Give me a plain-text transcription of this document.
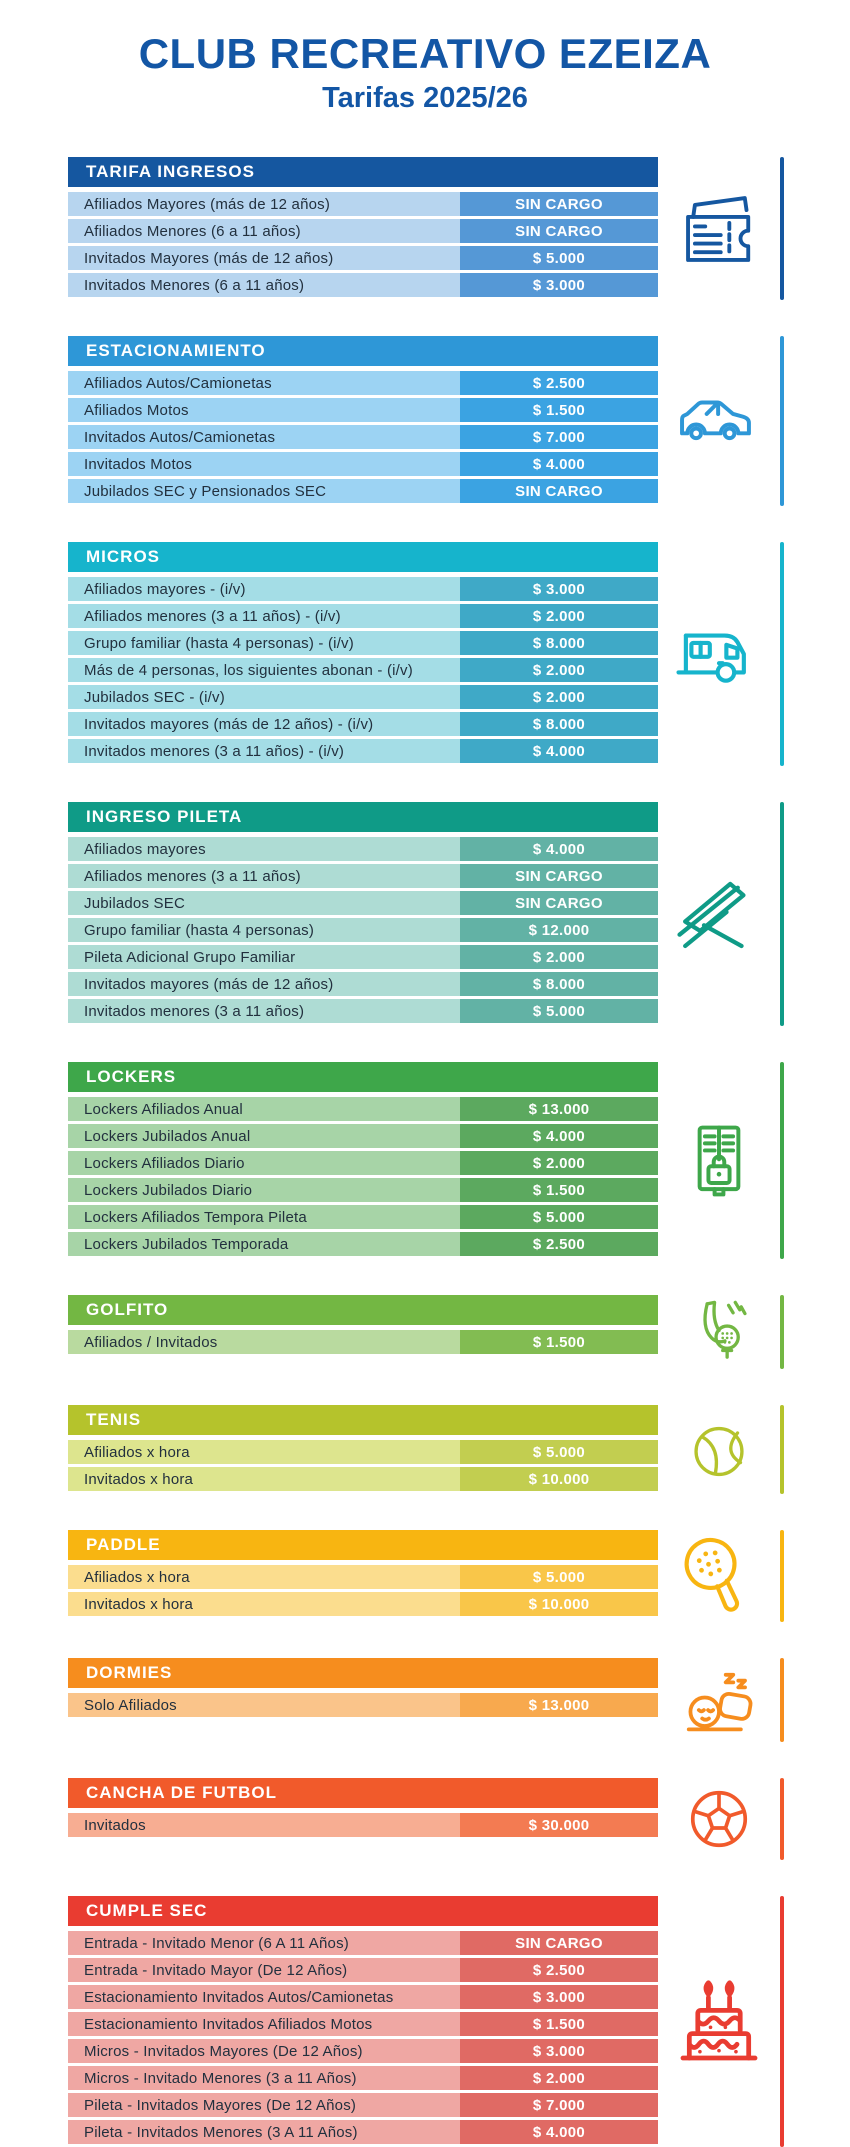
CLUB RECREATIVO EZEIZA
Tarifas 2025/26
TARIFA INGRESOS
Afiliados Mayores (más de 12 años)	SIN CARGO
Afiliados Menores (6 a 11 años)	SIN CARGO
Invitados Mayores (más de 12 años)	$ 5.000
Invitados Menores (6 a 11 años)	$ 3.000
ESTACIONAMIENTO
Afiliados Autos/Camionetas	$ 2.500
Afiliados Motos	$ 1.500
Invitados Autos/Camionetas	$ 7.000
Invitados Motos	$ 4.000
Jubilados SEC y Pensionados SEC	SIN CARGO
MICROS
Afiliados mayores - (i/v)	$ 3.000
Afiliados menores (3 a 11 años) - (i/v)	$ 2.000
Grupo familiar (hasta 4 personas) - (i/v)	$ 8.000
Más de 4 personas, los siguientes abonan - (i/v)	$ 2.000
Jubilados SEC - (i/v)	$ 2.000
Invitados mayores (más de 12 años) - (i/v)	$ 8.000
Invitados menores (3 a 11 años) - (i/v)	$ 4.000
INGRESO PILETA
Afiliados mayores	$ 4.000
Afiliados menores (3 a 11 años)	SIN CARGO
Jubilados SEC	SIN CARGO
Grupo familiar (hasta 4 personas)	$ 12.000
Pileta Adicional Grupo Familiar	$ 2.000
Invitados mayores (más de 12 años)	$ 8.000
Invitados menores (3 a 11 años)	$ 5.000
LOCKERS
Lockers Afiliados Anual	$ 13.000
Lockers Jubilados Anual	$ 4.000
Lockers Afiliados Diario	$ 2.000
Lockers Jubilados Diario	$ 1.500
Lockers Afiliados Tempora Pileta	$ 5.000
Lockers Jubilados Temporada	$ 2.500
GOLFITO
Afiliados / Invitados	$ 1.500
TENIS
Afiliados x hora	$ 5.000
Invitados x hora	$ 10.000
PADDLE
Afiliados x hora	$ 5.000
Invitados x hora	$ 10.000
DORMIES
Solo Afiliados	$ 13.000
CANCHA DE FUTBOL
Invitados	$ 30.000
CUMPLE SEC
Entrada - Invitado Menor (6 A 11 Años)	SIN CARGO
Entrada - Invitado Mayor (De 12 Años)	$ 2.500
Estacionamiento Invitados Autos/Camionetas	$ 3.000
Estacionamiento Invitados Afiliados Motos	$ 1.500
Micros - Invitados Mayores (De 12 Años)	$ 3.000
Micros - Invitado Menores (3 a 11 Años)	$ 2.000
Pileta - Invitados Mayores (De 12 Años)	$ 7.000
Pileta - Invitados Menores (3 A 11 Años)	$ 4.000
